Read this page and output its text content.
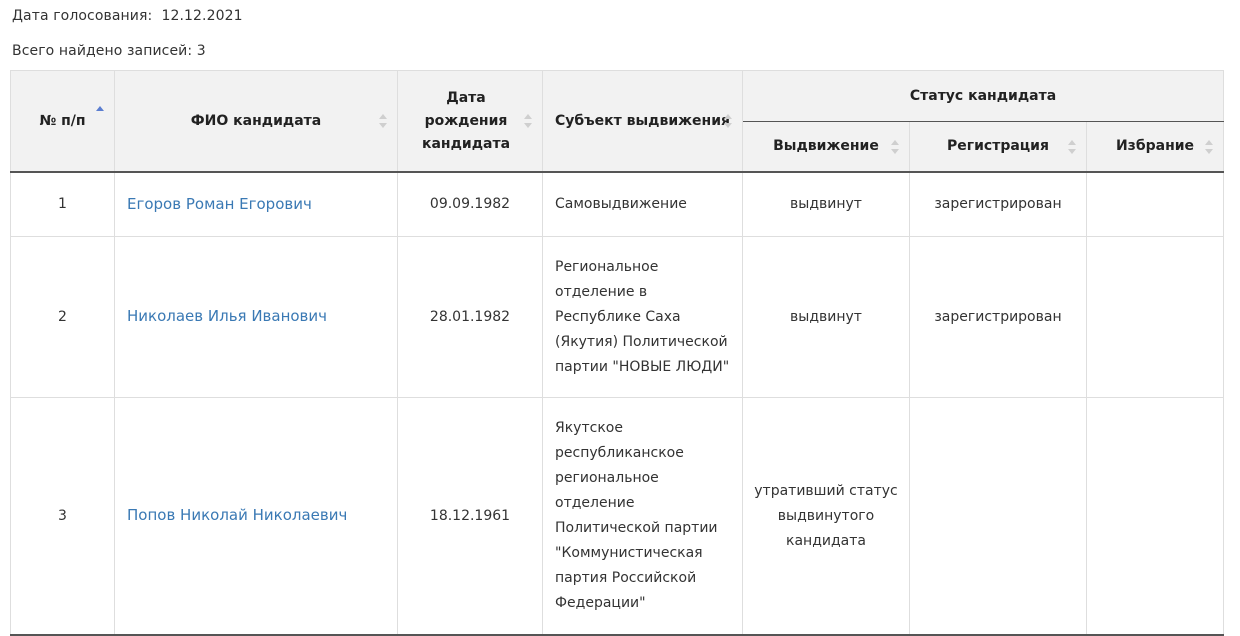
Дата голосования: 12.12.2021
Всего найдено записей: 3
№ п/п	ФИО кандидата	Дата рождения кандидата	Субъект выдвижения	Статус кандидата		
				Выдвижение	Регистрация	Избрание

1	Егоров Роман Егорович	09.09.1982	Самовыдвижение	выдвинут	зарегистрирован	
2	Николаев Илья Иванович	28.01.1982	Региональное отделение в Республике Саха (Якутия) Политической партии "НОВЫЕ ЛЮДИ"	выдвинут	зарегистрирован	
3	Попов Николай Николаевич	18.12.1961	Якутское республиканское региональное отделение Политической партии "Коммунистическая партия Российской Федерации"	утративший статус выдвинутого кандидата		
